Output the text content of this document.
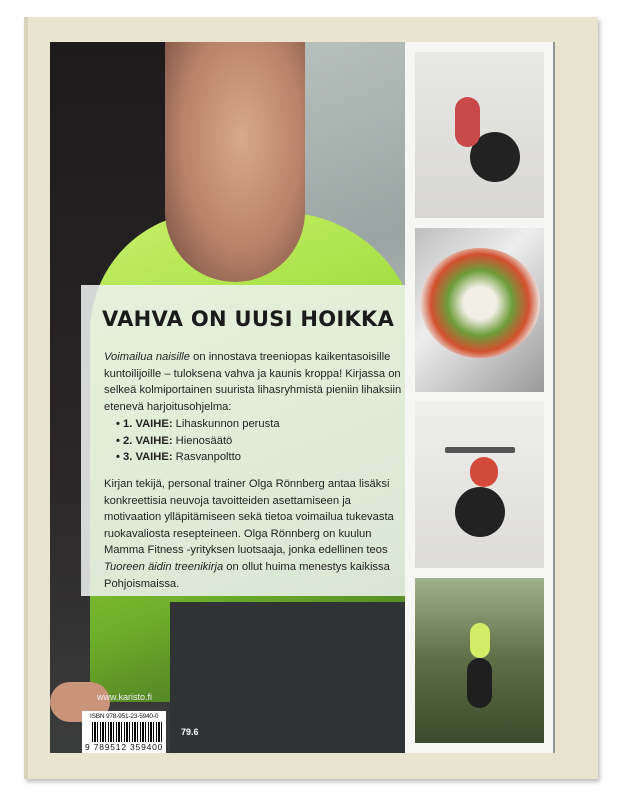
VAHVA ON UUSI HOIKKA
Voimailua naisille on innostava treeniopas kaikentasoisille kuntoilijoille – tuloksena vahva ja kaunis kroppa! Kirjassa on selkeä kolmiportainen suurista lihasryhmistä pieniin lihaksiin etenevä harjoitusohjelma:
• 1. VAIHE: Lihaskunnon perusta
• 2. VAIHE: Hienosäätö
• 3. VAIHE: Rasvanpoltto
Kirjan tekijä, personal trainer Olga Rönnberg antaa lisäksi konkreettisia neuvoja tavoitteiden asettamiseen ja motivaation ylläpitämiseen sekä tietoa voimailua tukevasta ruokavaliosta resepteineen. Olga Rönnberg on kuulun Mamma Fitness -yrityksen luotsaaja, jonka edellinen teos Tuoreen äidin treenikirja on ollut huima menestys kaikissa Pohjoismaissa.
www.karisto.fi
ISBN 978-951-23-5940-0
9 789512 359400
79.6
